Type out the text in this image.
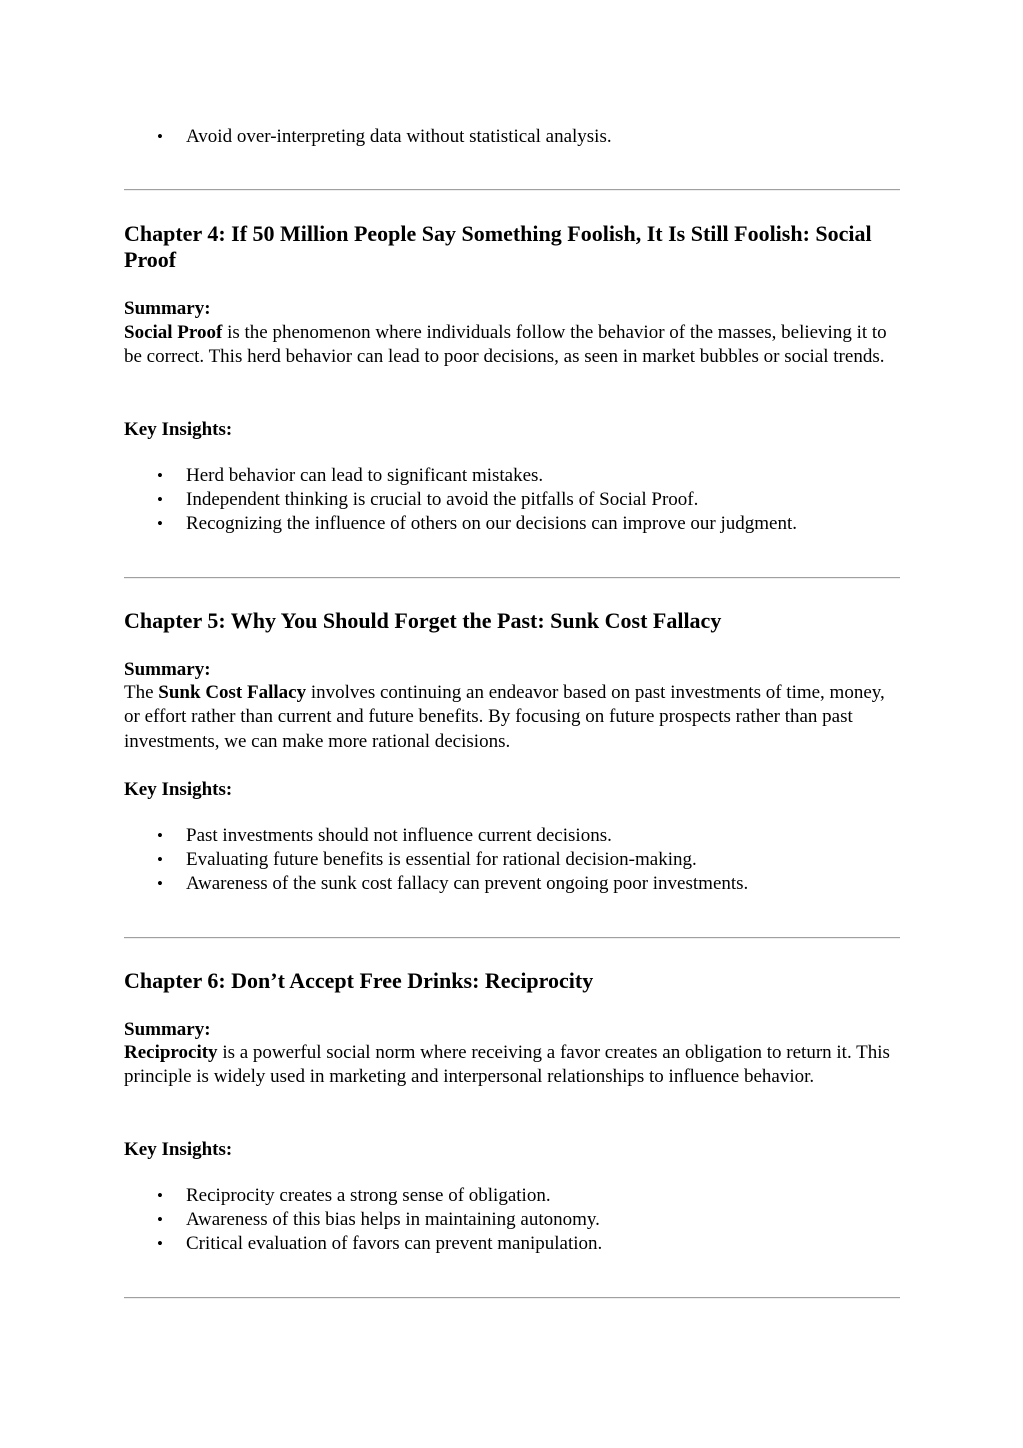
• Avoid over-interpreting data without statistical analysis.
Chapter 4: If 50 Million People Say Something Foolish, It Is Still Foolish: Social Proof
Summary:

Social Proof is the phenomenon where individuals follow the behavior of the masses, believing it to be correct. This herd behavior can lead to poor decisions, as seen in market bubbles or social trends.

Key Insights:
• Herd behavior can lead to significant mistakes.
• Independent thinking is crucial to avoid the pitfalls of Social Proof.
• Recognizing the influence of others on our decisions can improve our judgment.
Chapter 5: Why You Should Forget the Past: Sunk Cost Fallacy
Summary:

The Sunk Cost Fallacy involves continuing an endeavor based on past investments of time, money, or effort rather than current and future benefits. By focusing on future prospects rather than past investments, we can make more rational decisions.

Key Insights:
• Past investments should not influence current decisions.
• Evaluating future benefits is essential for rational decision-making.
• Awareness of the sunk cost fallacy can prevent ongoing poor investments.
Chapter 6: Don’t Accept Free Drinks: Reciprocity
Summary:

Reciprocity is a powerful social norm where receiving a favor creates an obligation to return it. This principle is widely used in marketing and interpersonal relationships to influence behavior.

Key Insights:
• Reciprocity creates a strong sense of obligation.
• Awareness of this bias helps in maintaining autonomy.
• Critical evaluation of favors can prevent manipulation.
